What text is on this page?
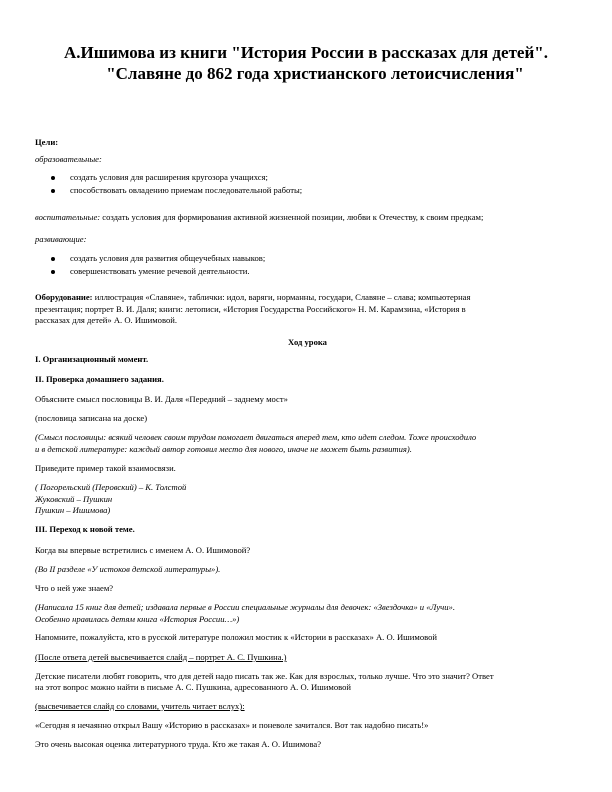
А.Ишимова из книги "История России в рассказах для детей".
"Славяне до 862 года христианского летоисчисления"

Цели:

образовательные:

создать условия для расширения кругозора учащихся;
способствовать овладению приемам последовательной работы;

воспитательные: создать условия для формирования активной жизненной позиции, любви к Отечеству, к своим предкам;

развивающие:

создать условия для развития общеучебных навыков;
совершенствовать умение речевой деятельности.

Оборудование: иллюстрация «Славяне», таблички: идол, варяги, норманны, государи, Славяне – слава; компьютерная

презентация; портрет В. И. Даля; книги: летописи, «История Государства Российского» Н. М. Карамзина, «История в

рассказах для детей» А. О. Ишимовой.

Ход урока

I. Организационный момент.

II. Проверка домашнего задания.

Объясните смысл пословицы В. И. Даля «Передний – заднему мост»

(пословица записана на доске)

(Смысл пословицы: всякий человек своим трудом помогает двигаться вперед тем, кто идет следом. Тоже происходило

и в детской литературе: каждый автор готовил место для нового, иначе не может быть развития).

Приведите пример такой взаимосвязи.

( Погорельский (Перовский) – К. Толстой

Жуковский – Пушкин

Пушкин – Ишимова)

III. Переход к новой теме.

Когда вы впервые встретились с именем А. О. Ишимовой?

(Во II разделе «У истоков детской литературы»).

Что о ней уже знаем?

(Написала 15 книг для детей; издавала первые в России специальные журналы для девочек: «Звездочка» и «Лучи».

Особенно нравилась детям книга «История России…»)

Напомните, пожалуйста, кто в русской литературе положил мостик к «Истории в рассказах» А. О. Ишимовой

(После ответа детей высвечивается слайд – портрет А. С. Пушкина.)

Детские писатели любят говорить, что для детей надо писать так же. Как для взрослых, только лучше. Что это значит? Ответ

на этот вопрос можно найти в письме А. С. Пушкина, адресованного А. О. Ишимовой

(высвечивается слайд со словами, учитель читает вслух):

«Сегодня я нечаянно открыл Вашу «Историю в рассказах» и поневоле зачитался. Вот так надобно писать!»

Это очень высокая оценка литературного труда. Кто же такая А. О. Ишимова?
